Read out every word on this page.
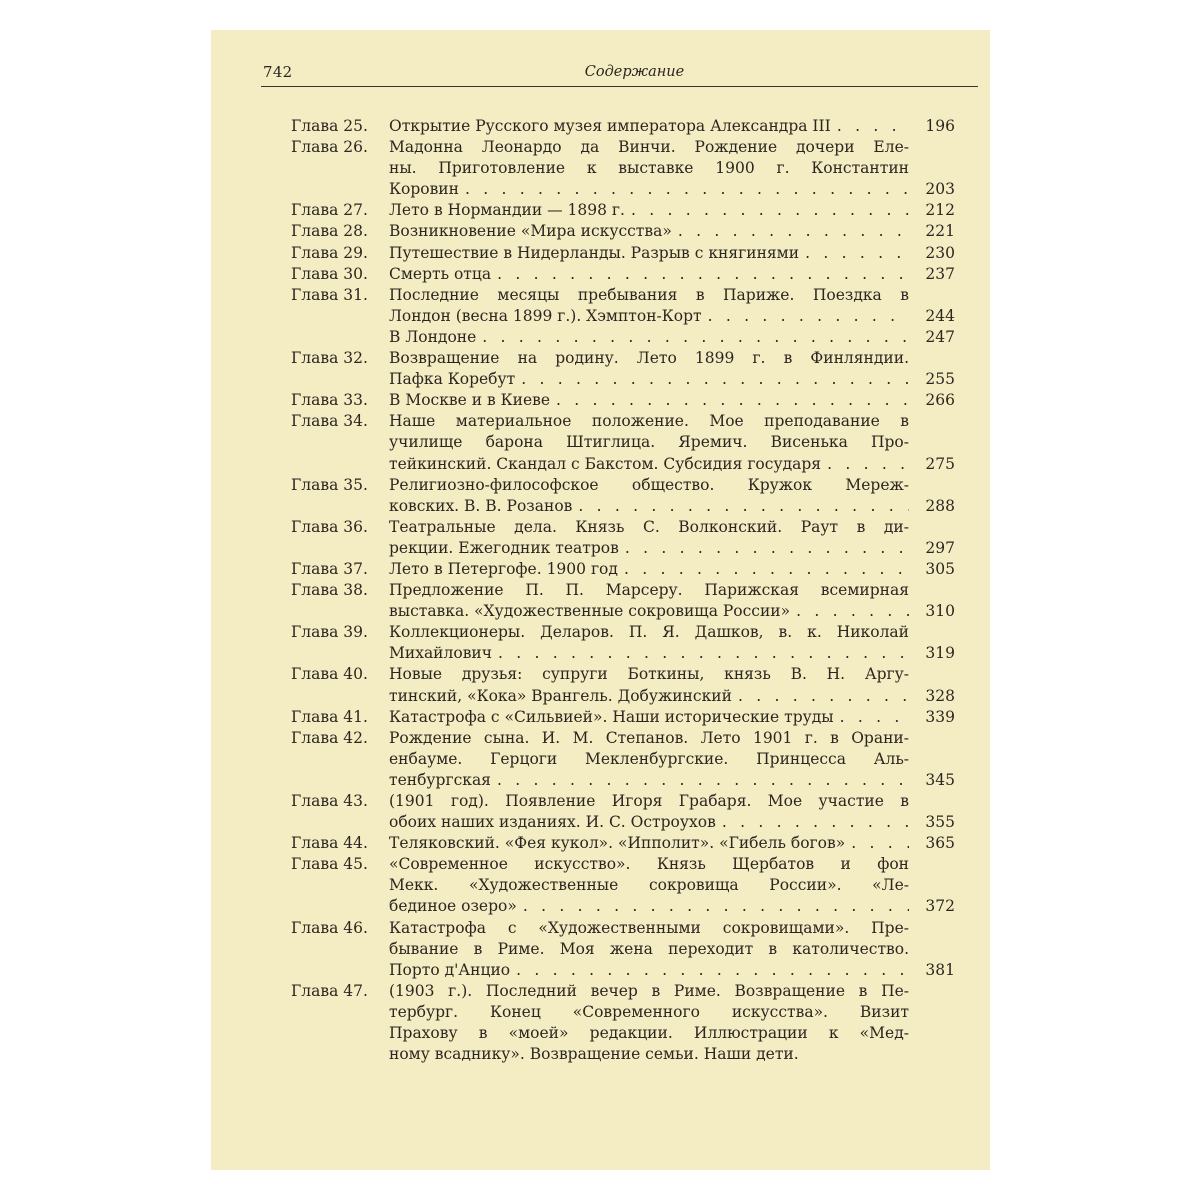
742	Содержание
Глава 25.	Открытие Русского музея императора Александра III . . .	196
Глава 26.	Мадонна Леонардо да Винчи. Рождение дочери Еле-
ны. Приготовление к выставке 1900 г. Константин
Коровин . . .	203
Глава 27.	Лето в Нормандии — 1898 г. . . .	212
Глава 28.	Возникновение «Мира искусства» . . .	221
Глава 29.	Путешествие в Нидерланды. Разрыв с княгинями . . .	230
Глава 30.	Смерть отца . . .	237
Глава 31.	Последние месяцы пребывания в Париже. Поездка в
Лондон (весна 1899 г.). Хэмптон-Корт . . .	244
В Лондоне . . .	247
Глава 32.	Возвращение на родину. Лето 1899 г. в Финляндии.
Пафка Коребут . . .	255
Глава 33.	В Москве и в Киеве . . .	266
Глава 34.	Наше материальное положение. Мое преподавание в
училище барона Штиглица. Яремич. Висенька Про-
тейкинский. Скандал с Бакстом. Субсидия государя . . .	275
Глава 35.	Религиозно-философское общество. Кружок Мереж-
ковских. В. В. Розанов . . .	288
Глава 36.	Театральные дела. Князь С. Волконский. Раут в ди-
рекции. Ежегодник театров . . .	297
Глава 37.	Лето в Петергофе. 1900 год . . .	305
Глава 38.	Предложение П. П. Марсеру. Парижская всемирная
выставка. «Художественные сокровища России» . . .	310
Глава 39.	Коллекционеры. Деларов. П. Я. Дашков, в. к. Николай
Михайлович . . .	319
Глава 40.	Новые друзья: супруги Боткины, князь В. Н. Аргу-
тинский, «Кока» Врангель. Добужинский . . .	328
Глава 41.	Катастрофа с «Сильвией». Наши исторические труды . . .	339
Глава 42.	Рождение сына. И. М. Степанов. Лето 1901 г. в Орани-
енбауме. Герцоги Мекленбургские. Принцесса Аль-
тенбургская . . .	345
Глава 43.	(1901 год). Появление Игоря Грабаря. Мое участие в
обоих наших изданиях. И. С. Остроухов . . .	355
Глава 44.	Теляковский. «Фея кукол». «Ипполит». «Гибель богов» . . .	365
Глава 45.	«Современное искусство». Князь Щербатов и фон
Мекк. «Художественные сокровища России». «Ле-
бединое озеро» . . .	372
Глава 46.	Катастрофа с «Художественными сокровищами». Пре-
бывание в Риме. Моя жена переходит в католичество.
Порто д'Анцио . . .	381
Глава 47.	(1903 г.). Последний вечер в Риме. Возвращение в Пе-
тербург. Конец «Современного искусства». Визит
Прахову в «моей» редакции. Иллюстрации к «Мед-
ному всаднику». Возвращение семьи. Наши дети.
